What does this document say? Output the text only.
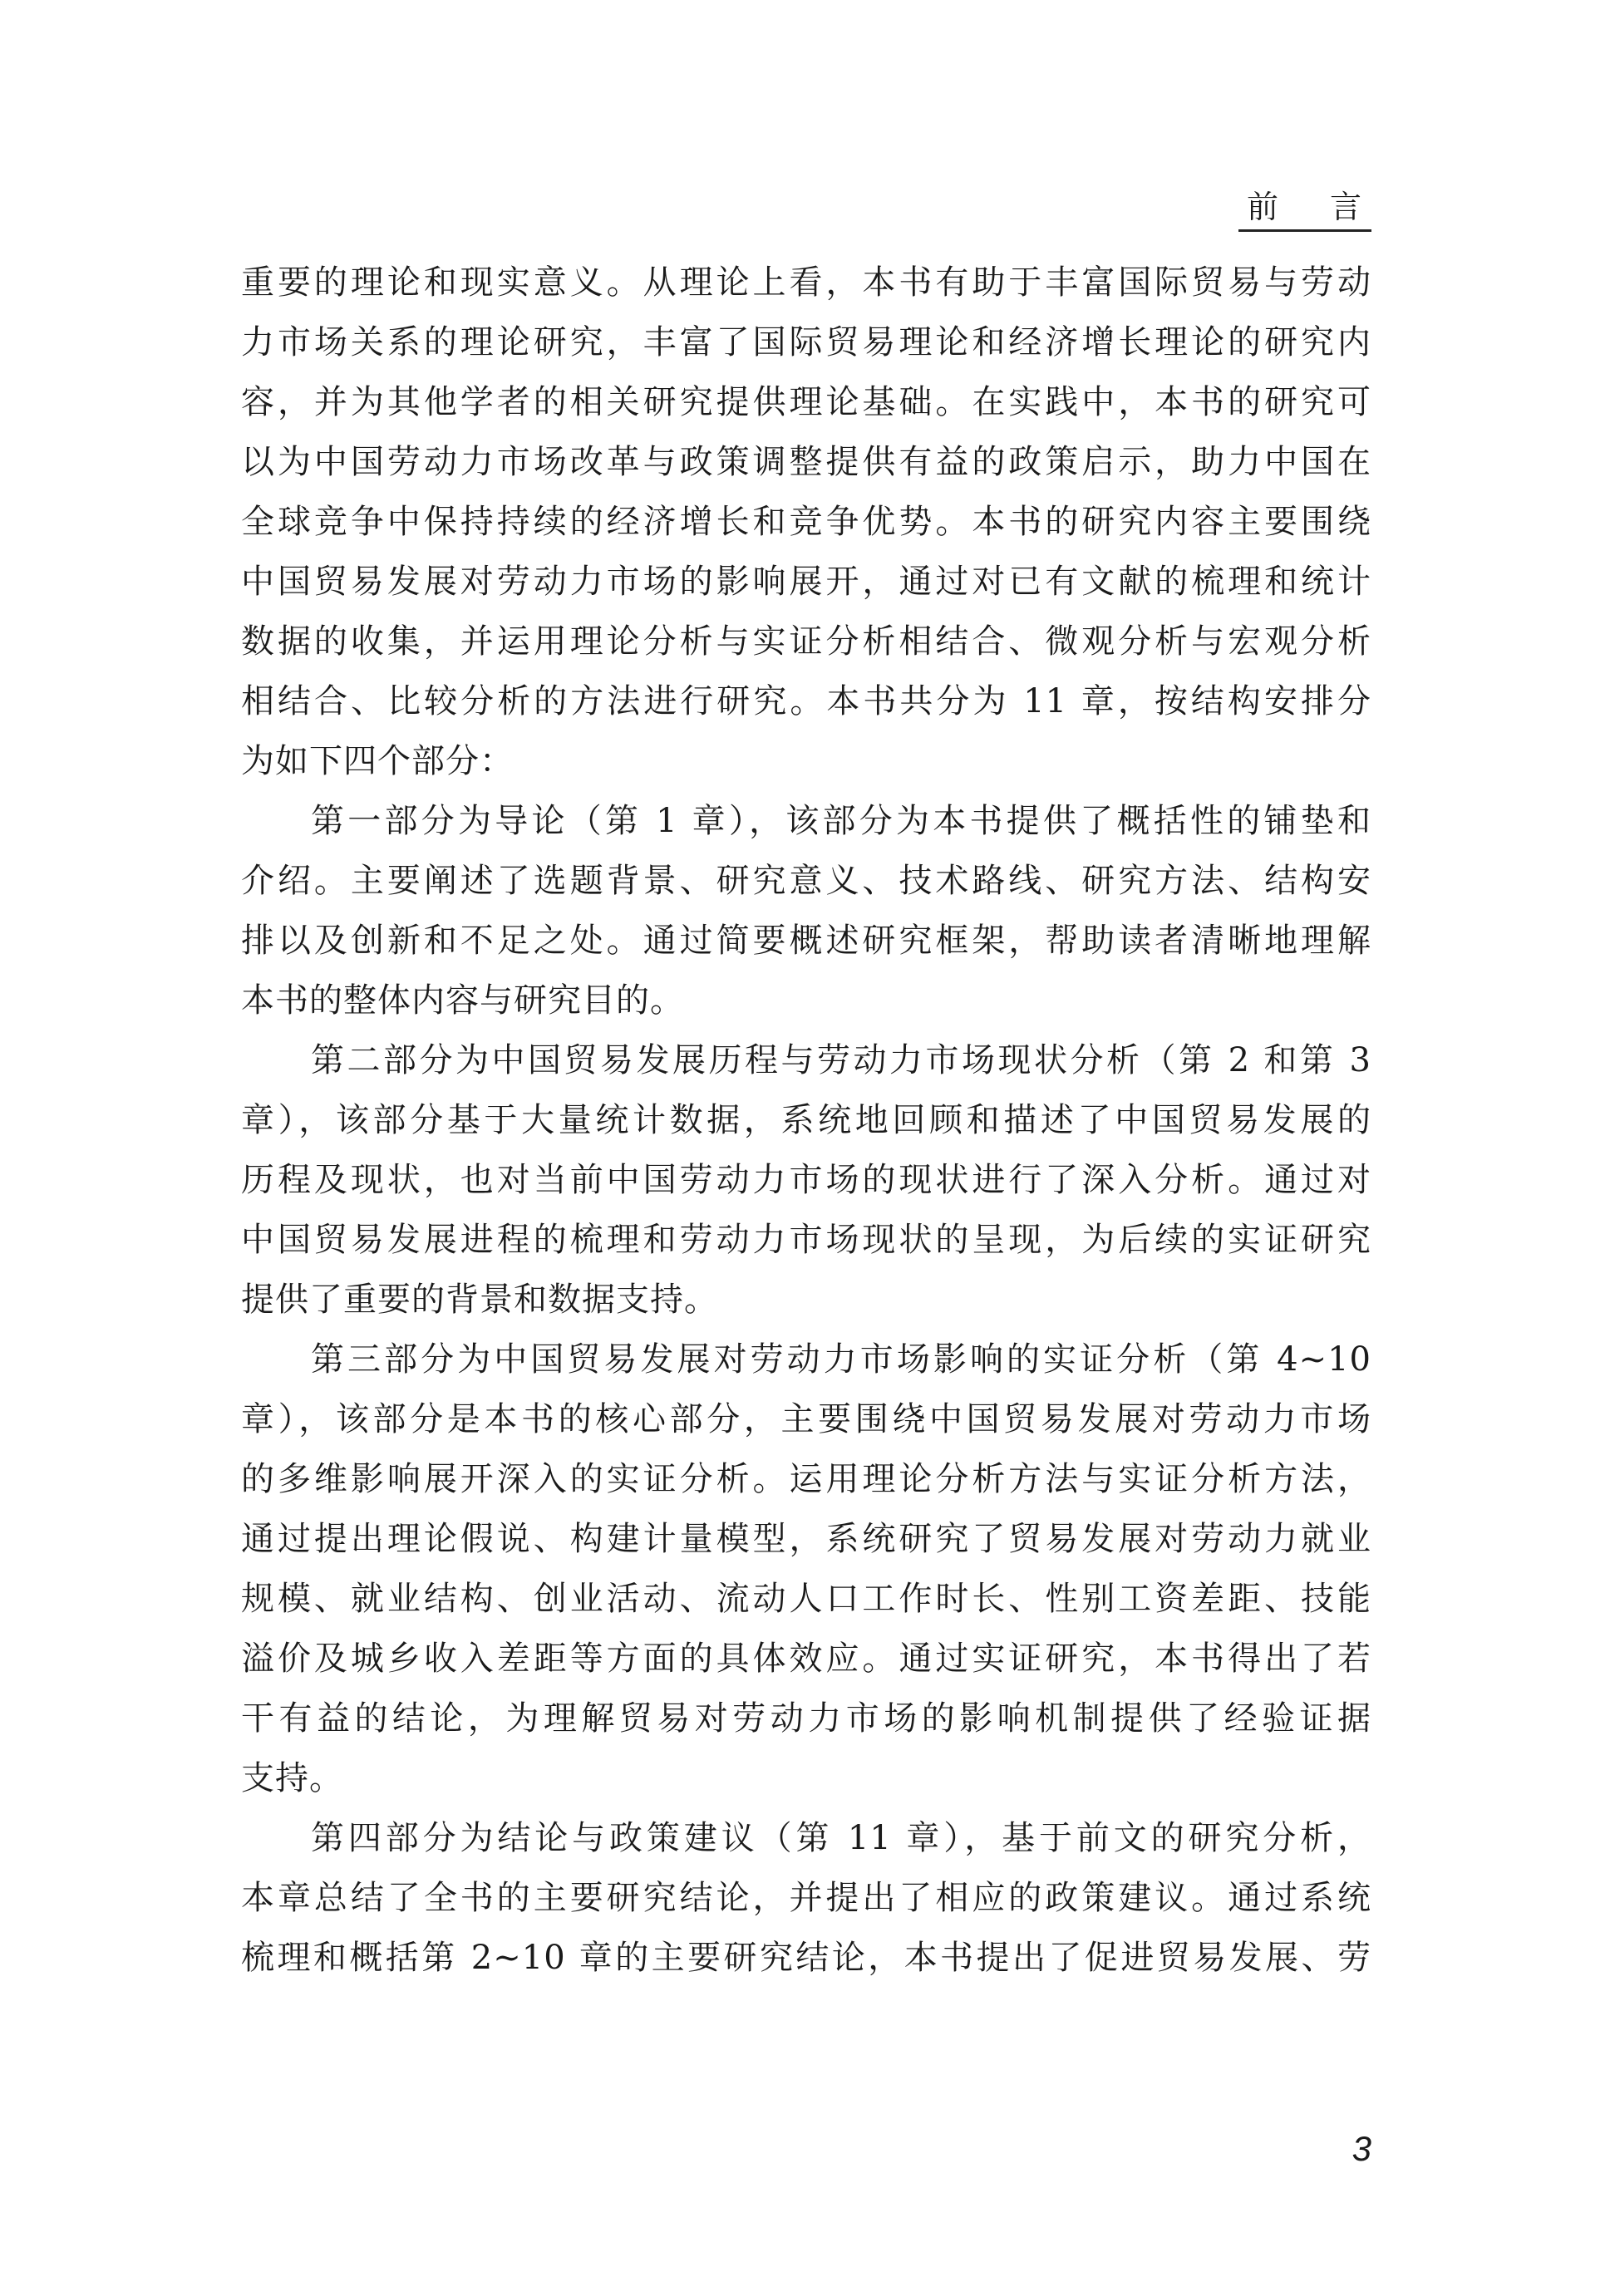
前言
重要的理论和现实意义。从理论上看，本书有助于丰富国际贸易与劳动
力市场关系的理论研究，丰富了国际贸易理论和经济增长理论的研究内
容，并为其他学者的相关研究提供理论基础。在实践中，本书的研究可
以为中国劳动力市场改革与政策调整提供有益的政策启示，助力中国在
全球竞争中保持持续的经济增长和竞争优势。本书的研究内容主要围绕
中国贸易发展对劳动力市场的影响展开，通过对已有文献的梳理和统计
数据的收集，并运用理论分析与实证分析相结合、微观分析与宏观分析
相结合、比较分析的方法进行研究。本书共分为 11 章，按结构安排分
为如下四个部分：
第一部分为导论（第 1 章），该部分为本书提供了概括性的铺垫和
介绍。主要阐述了选题背景、研究意义、技术路线、研究方法、结构安
排以及创新和不足之处。通过简要概述研究框架，帮助读者清晰地理解
本书的整体内容与研究目的。
第二部分为中国贸易发展历程与劳动力市场现状分析（第 2 和第 3
章），该部分基于大量统计数据，系统地回顾和描述了中国贸易发展的
历程及现状，也对当前中国劳动力市场的现状进行了深入分析。通过对
中国贸易发展进程的梳理和劳动力市场现状的呈现，为后续的实证研究
提供了重要的背景和数据支持。
第三部分为中国贸易发展对劳动力市场影响的实证分析（第 4~10
章），该部分是本书的核心部分，主要围绕中国贸易发展对劳动力市场
的多维影响展开深入的实证分析。运用理论分析方法与实证分析方法，
通过提出理论假说、构建计量模型，系统研究了贸易发展对劳动力就业
规模、就业结构、创业活动、流动人口工作时长、性别工资差距、技能
溢价及城乡收入差距等方面的具体效应。通过实证研究，本书得出了若
干有益的结论，为理解贸易对劳动力市场的影响机制提供了经验证据
支持。
第四部分为结论与政策建议（第 11 章），基于前文的研究分析，
本章总结了全书的主要研究结论，并提出了相应的政策建议。通过系统
梳理和概括第 2~10 章的主要研究结论，本书提出了促进贸易发展、劳
3
